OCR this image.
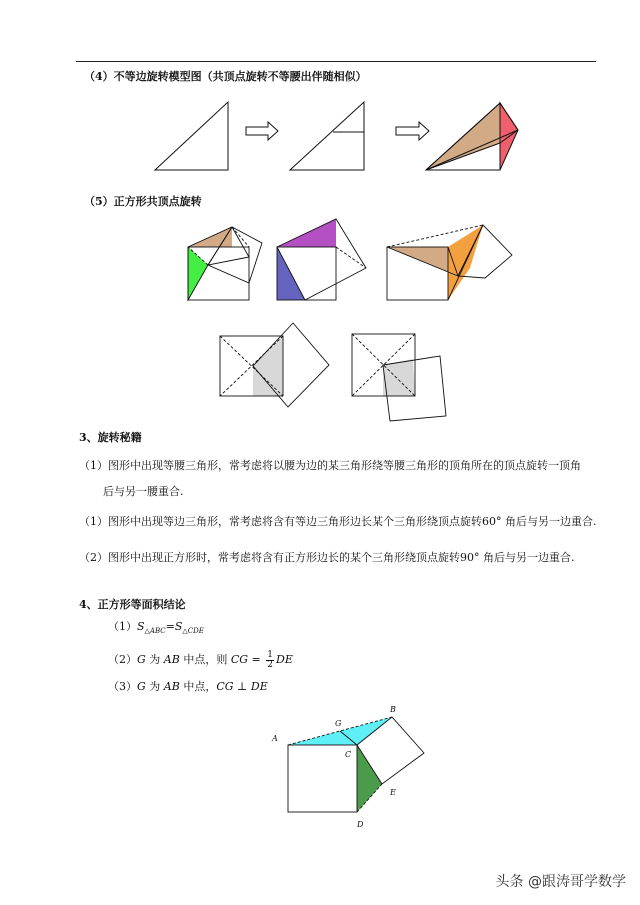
（4）不等边旋转模型图（共顶点旋转不等腰出伴随相似）
（5）正方形共顶点旋转
3、旋转秘籍
（1）图形中出现等腰三角形，常考虑将以腰为边的某三角形绕等腰三角形的顶角所在的顶点旋转一顶角
后与另一腰重合.
（1）图形中出现等边三角形，常考虑将含有等边三角形边长某个三角形绕顶点旋转60° 角后与另一边重合.
（2）图形中出现正方形时，常考虑将含有正方形边长的某个三角形绕顶点旋转90° 角后与另一边重合.
4、正方形等面积结论
$(1)S_{\triangle ABC}=S_{\triangle CDE}$
（2）G 为 AB 中点，则 CG = $\frac{1}{2}$ DE
（3）G 为 AB 中点，CG ⊥ DE
A
B
C
D
E
G
头条 @跟涛哥学数学
